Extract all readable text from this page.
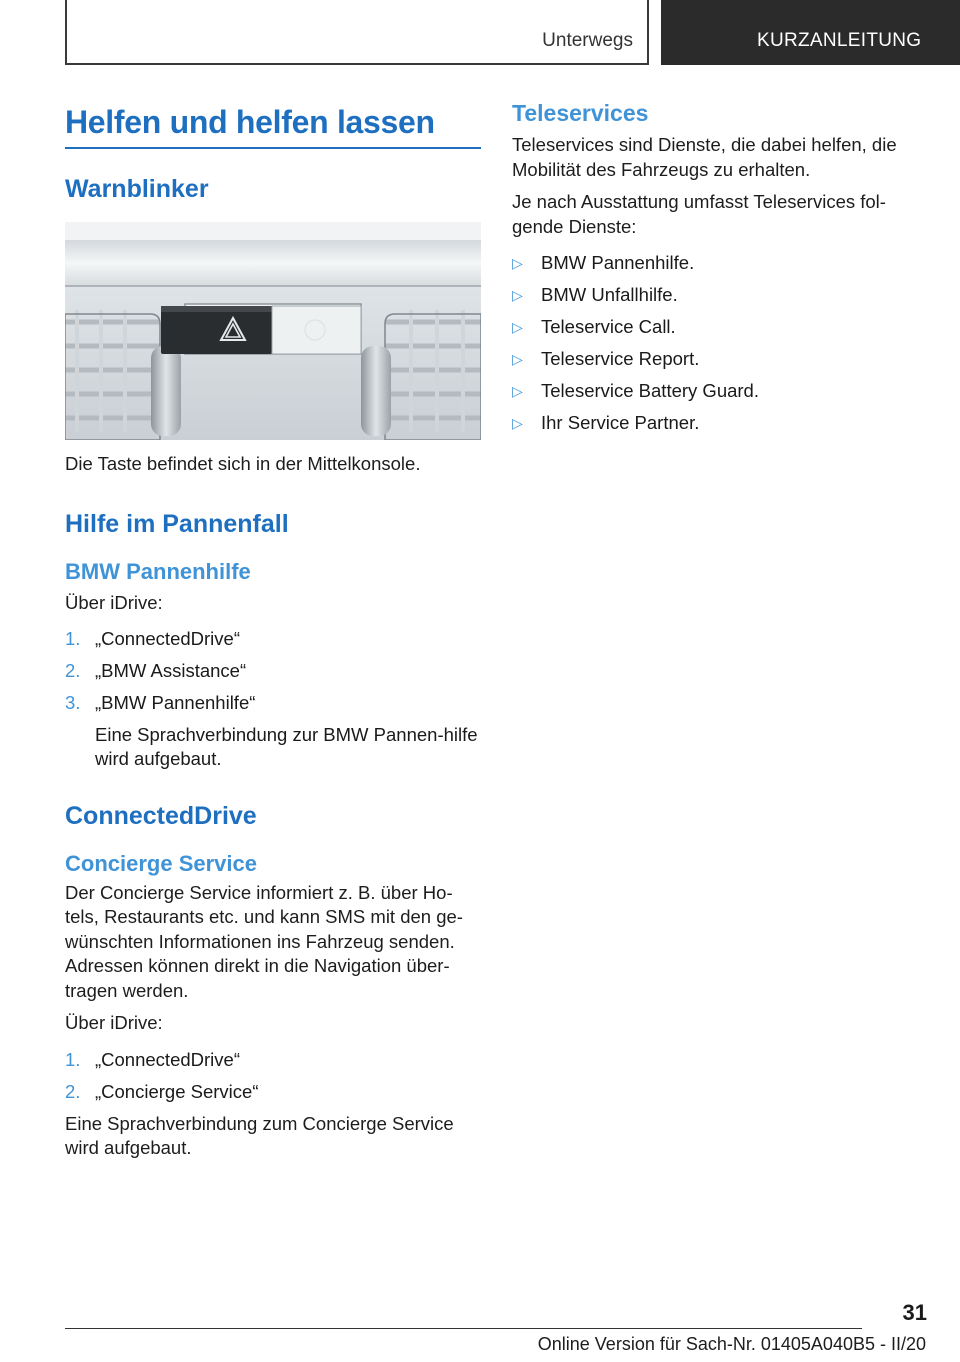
Unterwegs	KURZANLEITUNG
Helfen und helfen lassen
Warnblinker
Die Taste befindet sich in der Mittelkonsole.
Hilfe im Pannenfall
BMW Pannenhilfe
Über iDrive:
1. „ConnectedDrive“
2. „BMW Assistance“
3. „BMW Pannenhilfe“
Eine Sprachverbindung zur BMW Pannen-hilfe wird aufgebaut.
ConnectedDrive
Concierge Service
Der Concierge Service informiert z. B. über Ho-tels, Restaurants etc. und kann SMS mit den ge-wünschten Informationen ins Fahrzeug senden. Adressen können direkt in die Navigation über-tragen werden.
Über iDrive:
1. „ConnectedDrive“
2. „Concierge Service“
Eine Sprachverbindung zum Concierge Service wird aufgebaut.
Teleservices
Teleservices sind Dienste, die dabei helfen, die Mobilität des Fahrzeugs zu erhalten.
Je nach Ausstattung umfasst Teleservices fol-gende Dienste:
▷ BMW Pannenhilfe.
▷ BMW Unfallhilfe.
▷ Teleservice Call.
▷ Teleservice Report.
▷ Teleservice Battery Guard.
▷ Ihr Service Partner.
31
Online Version für Sach-Nr. 01405A040B5 - II/20
